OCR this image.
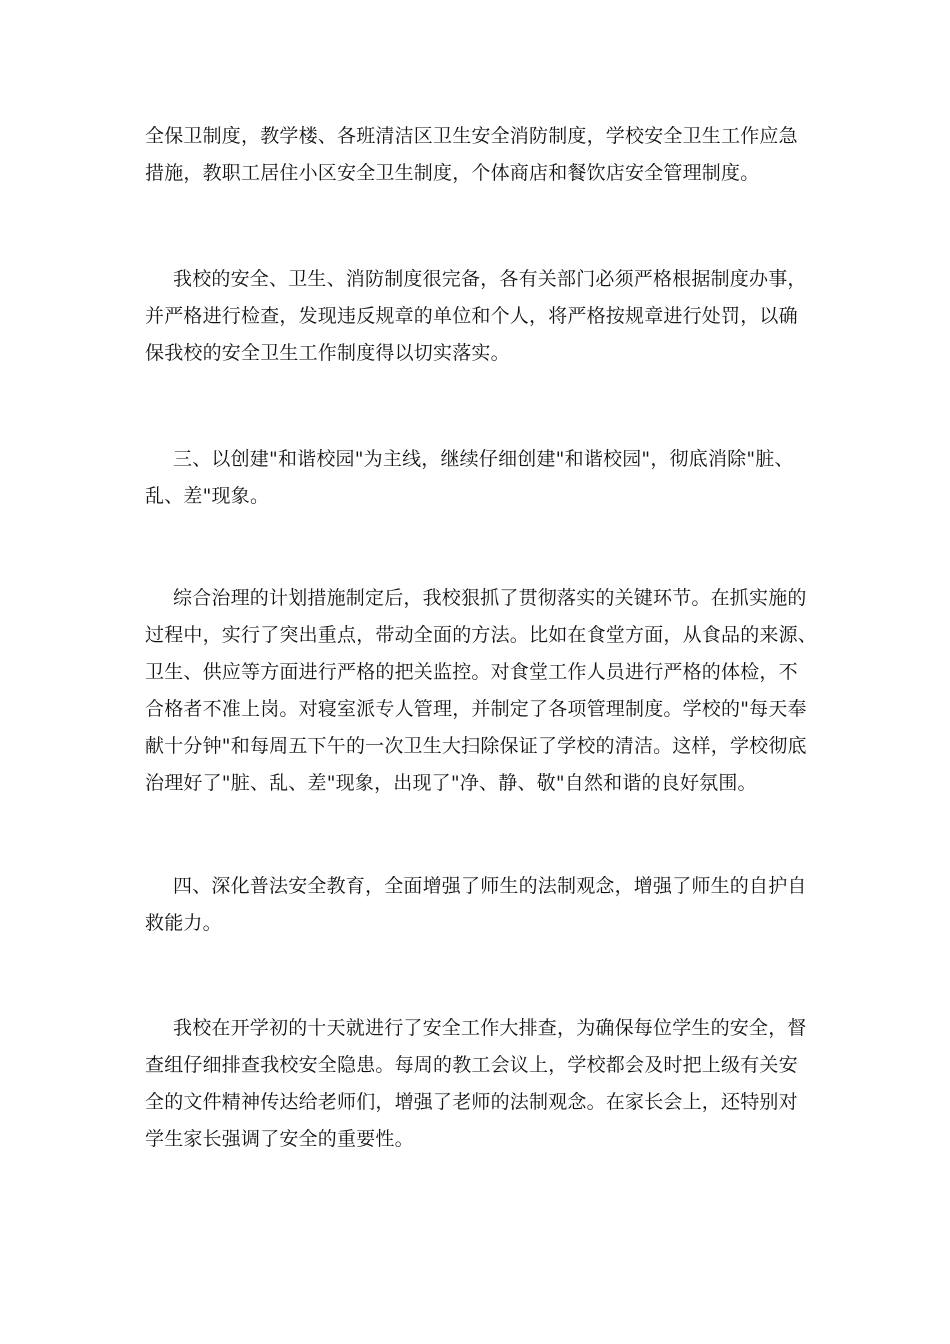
全保卫制度，教学楼、各班清洁区卫生安全消防制度，学校安全卫生工作应急
措施，教职工居住小区安全卫生制度，个体商店和餐饮店安全管理制度。

我校的安全、卫生、消防制度很完备，各有关部门必须严格根据制度办事，
并严格进行检查，发现违反规章的单位和个人，将严格按规章进行处罚，以确
保我校的安全卫生工作制度得以切实落实。

三、以创建"和谐校园"为主线，继续仔细创建"和谐校园"，彻底消除"脏、
乱、差"现象。

综合治理的计划措施制定后，我校狠抓了贯彻落实的关键环节。在抓实施的
过程中，实行了突出重点，带动全面的方法。比如在食堂方面，从食品的来源、
卫生、供应等方面进行严格的把关监控。对食堂工作人员进行严格的体检，不
合格者不准上岗。对寝室派专人管理，并制定了各项管理制度。学校的"每天奉
献十分钟"和每周五下午的一次卫生大扫除保证了学校的清洁。这样，学校彻底
治理好了"脏、乱、差"现象，出现了"净、静、敬"自然和谐的良好氛围。

四、深化普法安全教育，全面增强了师生的法制观念，增强了师生的自护自
救能力。

我校在开学初的十天就进行了安全工作大排查，为确保每位学生的安全，督
查组仔细排查我校安全隐患。每周的教工会议上，学校都会及时把上级有关安
全的文件精神传达给老师们，增强了老师的法制观念。在家长会上，还特别对
学生家长强调了安全的重要性。
